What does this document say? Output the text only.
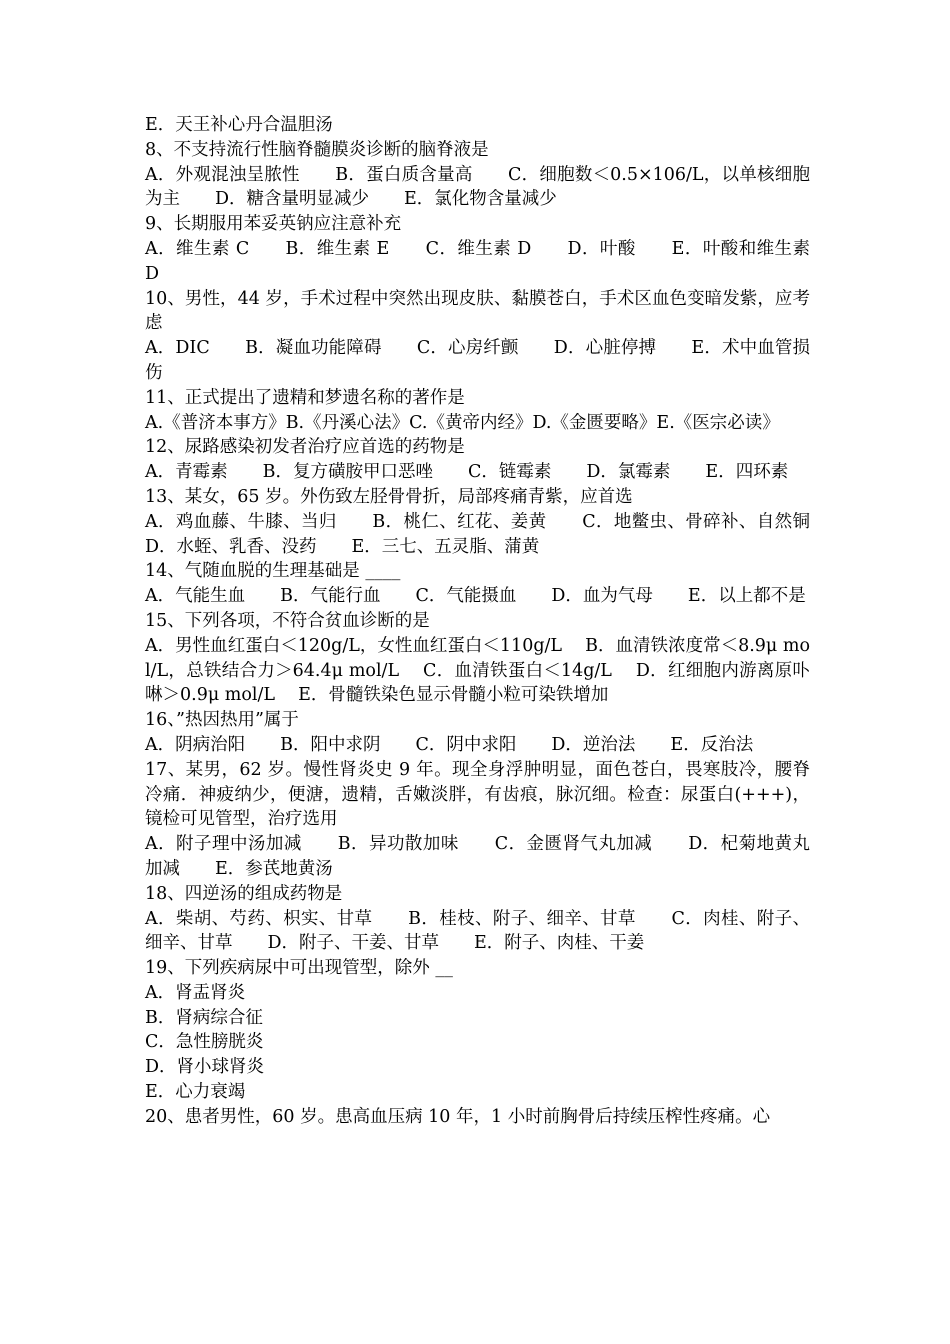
E．天王补心丹合温胆汤
8、不支持流行性脑脊髓膜炎诊断的脑脊液是
A．外观混浊呈脓性　　B．蛋白质含量高　　C．细胞数＜0.5×106/L，以单核细胞为主　　D．糖含量明显减少　　E．氯化物含量减少
9、长期服用苯妥英钠应注意补充
A．维生素 C　　B．维生素 E　　C．维生素 D　　D．叶酸　　E．叶酸和维生素 D
10、男性，44 岁，手术过程中突然出现皮肤、黏膜苍白，手术区血色变暗发紫，应考虑
A．DIC　　B．凝血功能障碍　　C．心房纤颤　　D．心脏停搏　　E．术中血管损伤
11、正式提出了遗精和梦遗名称的著作是
A.《普济本事方》B.《丹溪心法》C.《黄帝内经》D.《金匮要略》E.《医宗必读》
12、尿路感染初发者治疗应首选的药物是
A．青霉素　　B．复方磺胺甲口恶唑　　C．链霉素　　D．氯霉素　　E．四环素
13、某女，65 岁。外伤致左胫骨骨折，局部疼痛青紫，应首选
A．鸡血藤、牛膝、当归　　B．桃仁、红花、姜黄　　C．地鳖虫、骨碎补、自然铜　　D．水蛭、乳香、没药　　E．三七、五灵脂、蒲黄
14、气随血脱的生理基础是 ____
A．气能生血　　B．气能行血　　C．气能摄血　　D．血为气母　　E．以上都不是
15、下列各项，不符合贫血诊断的是
A．男性血红蛋白＜120g/L，女性血红蛋白＜110g/L　 B．血清铁浓度常＜8.9μ mol/L，总铁结合力＞64.4μ mol/L　 C．血清铁蛋白＜14g/L　 D．红细胞内游离原卟啉＞0.9μ mol/L　 E．骨髓铁染色显示骨髓小粒可染铁增加
16、”热因热用”属于
A．阴病治阳　　B．阳中求阴　　C．阴中求阳　　D．逆治法　　E．反治法
17、某男，62 岁。慢性肾炎史 9 年。现全身浮肿明显，面色苍白，畏寒肢冷，腰脊冷痛．神疲纳少，便溏，遗精，舌嫩淡胖，有齿痕，脉沉细。检查：尿蛋白(+++)，镜检可见管型，治疗选用
A．附子理中汤加减　　B．异功散加味　　C．金匮肾气丸加减　　D．杞菊地黄丸加减　　E．参芪地黄汤
18、四逆汤的组成药物是
A．柴胡、芍药、枳实、甘草　　B．桂枝、附子、细辛、甘草　　C．肉桂、附子、细辛、甘草　　D．附子、干姜、甘草　　E．附子、肉桂、干姜
19、下列疾病尿中可出现管型，除外 __
A．肾盂肾炎
B．肾病综合征
C．急性膀胱炎
D．肾小球肾炎
E．心力衰竭
20、患者男性，60 岁。患高血压病 10 年，1 小时前胸骨后持续压榨性疼痛。心
